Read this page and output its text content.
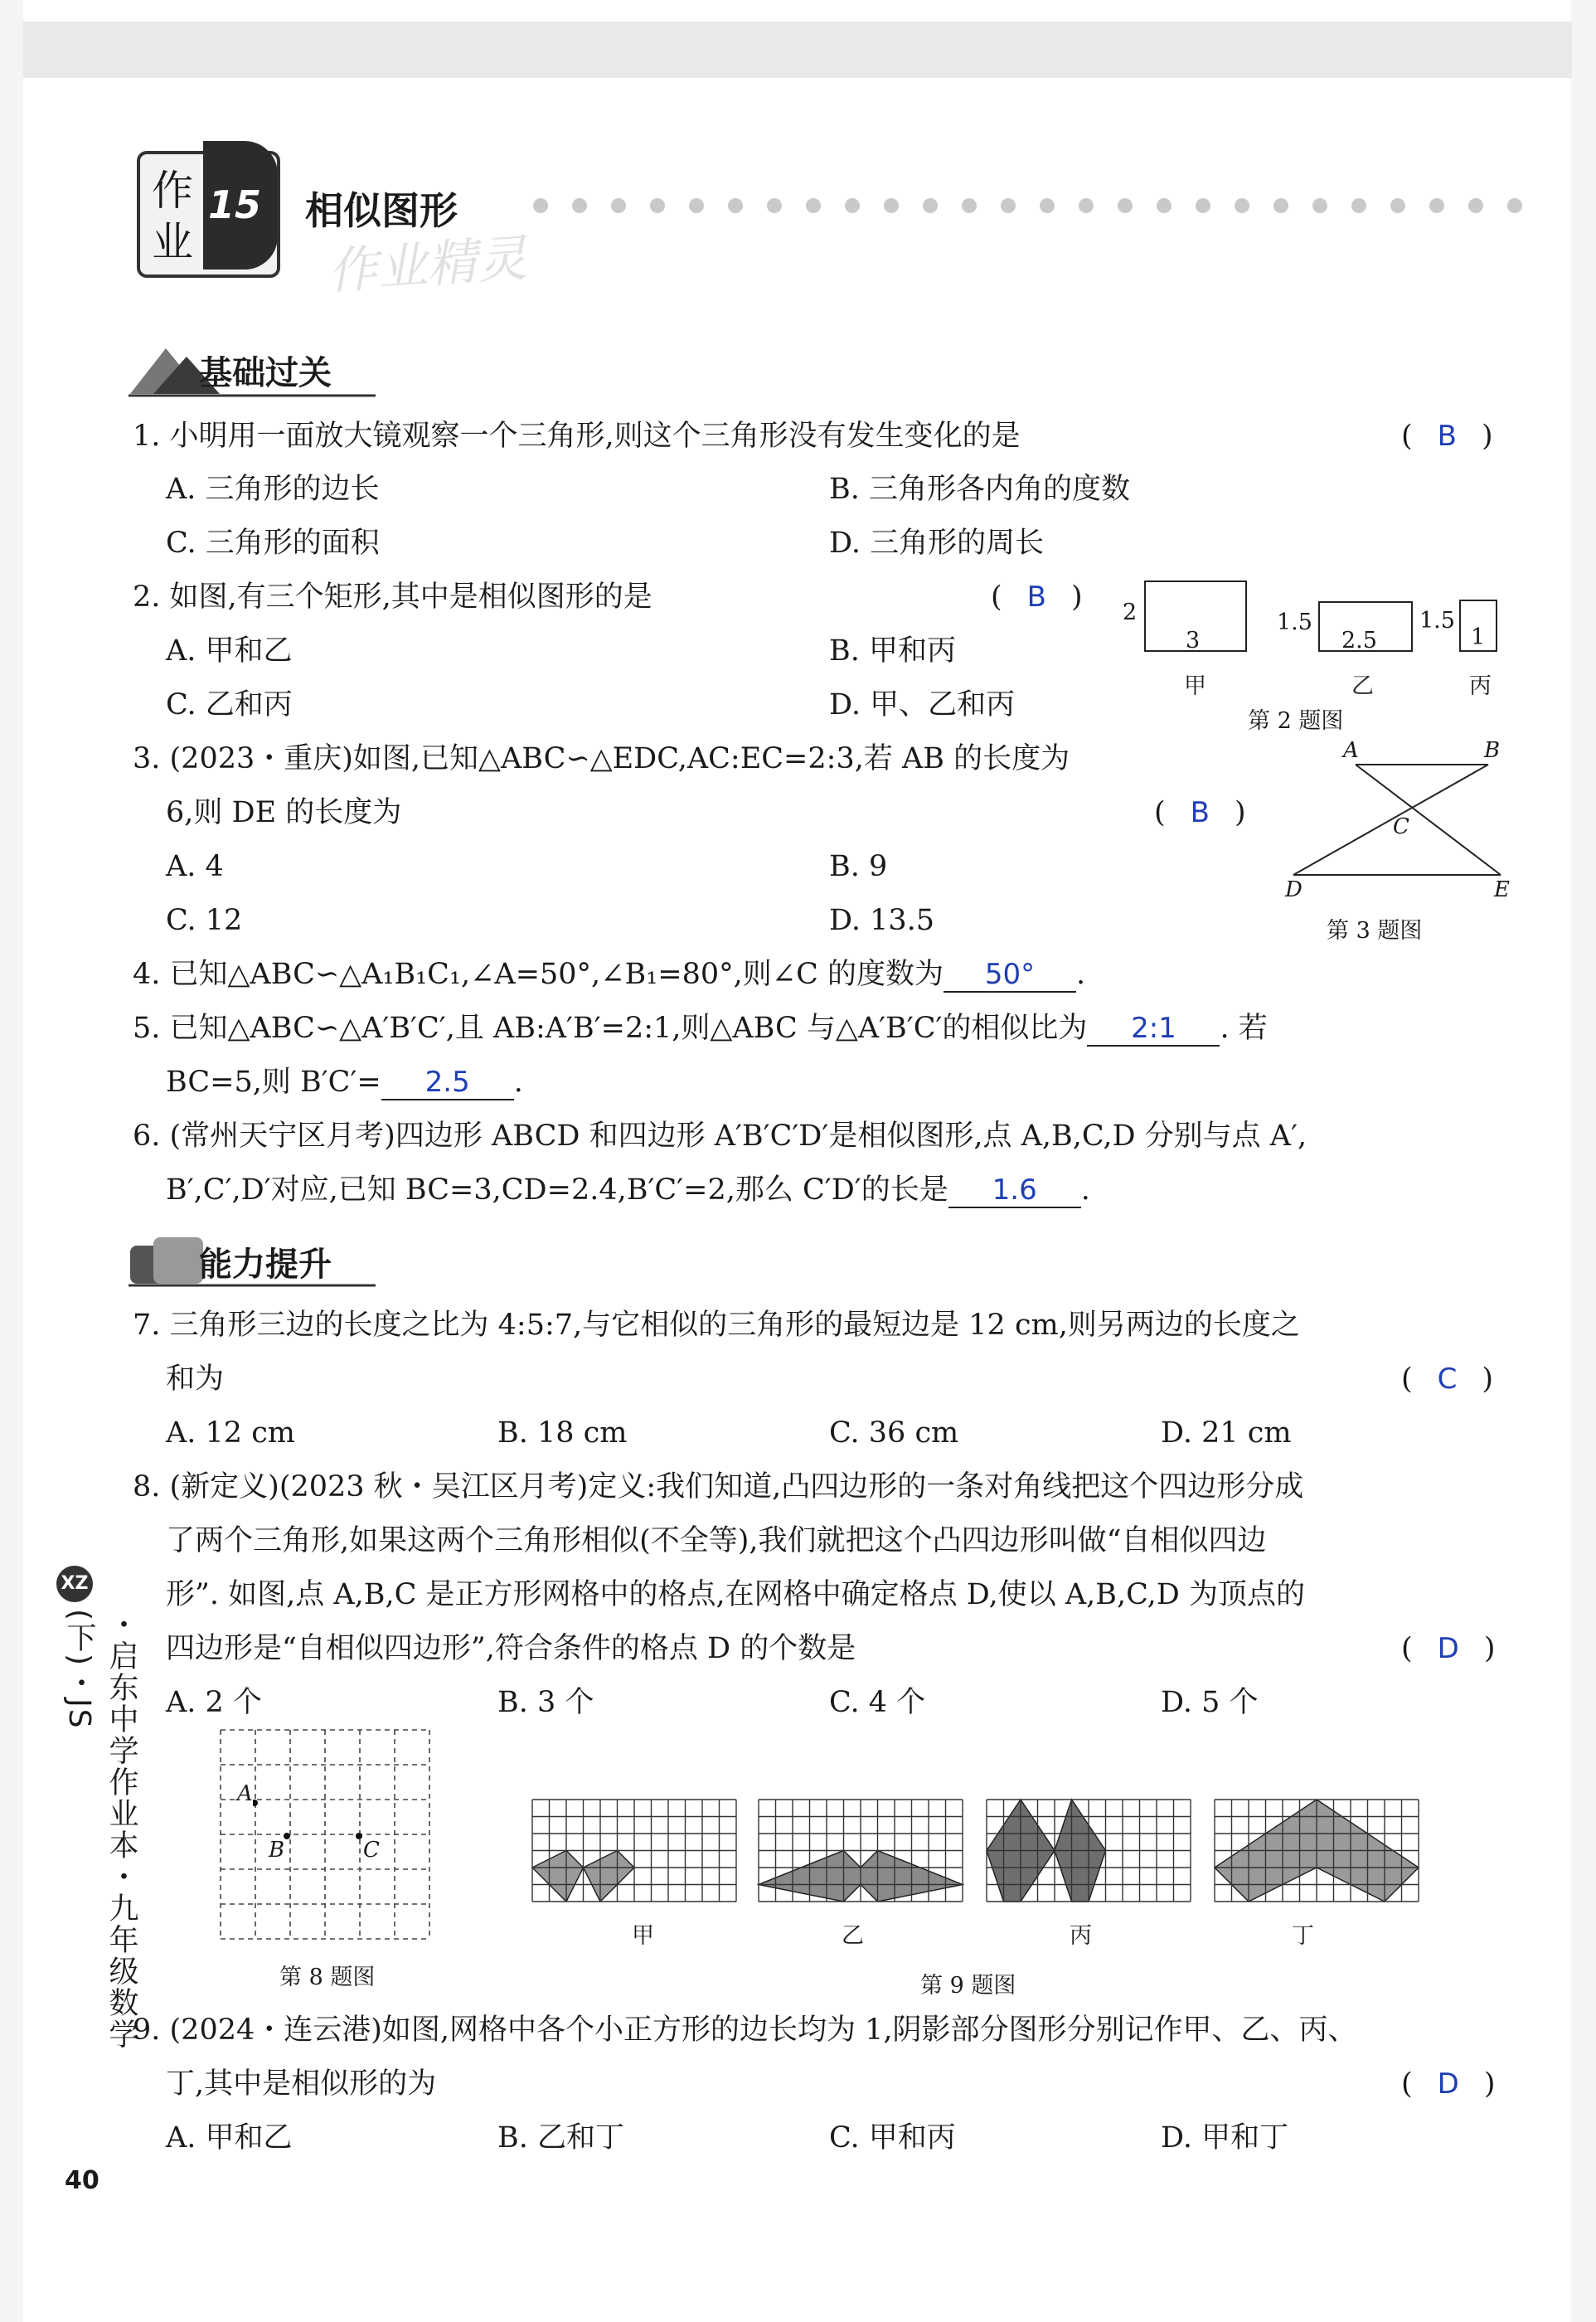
作
业
15 相似图形
作业精灵
基础过关
1. 小明用一面放大镜观察一个三角形,则这个三角形没有发生变化的是	( B )
A. 三角形的边长	B. 三角形各内角的度数
C. 三角形的面积	D. 三角形的周长
2. 如图,有三个矩形,其中是相似图形的是	( B )
A. 甲和乙	B. 甲和丙
C. 乙和丙	D. 甲、乙和丙
2
3
1.5
2.5
1.5
1
甲	乙	丙
第 2 题图
3. (2023・重庆)如图,已知△ABC∽△EDC,AC:EC=2:3,若 AB 的长度为
6,则 DE 的长度为	( B )
A. 4	B. 9
C. 12	D. 13.5
A	B
C
D	E
第 3 题图
4. 已知△ABC∽△A₁B₁C₁,∠A=50°,∠B₁=80°,则∠C 的度数为 50° .
5. 已知△ABC∽△A′B′C′,且 AB:A′B′=2:1,则△ABC 与△A′B′C′的相似比为 2:1 . 若
BC=5,则 B′C′= 2.5 .
6. (常州天宁区月考)四边形 ABCD 和四边形 A′B′C′D′是相似图形,点 A,B,C,D 分别与点 A′,
B′,C′,D′对应,已知 BC=3,CD=2.4,B′C′=2,那么 C′D′的长是 1.6 .
能力提升
7. 三角形三边的长度之比为 4:5:7,与它相似的三角形的最短边是 12 cm,则另两边的长度之
和为	( C )
A. 12 cm	B. 18 cm	C. 36 cm	D. 21 cm
8. (新定义)(2023 秋・吴江区月考)定义:我们知道,凸四边形的一条对角线把这个四边形分成
了两个三角形,如果这两个三角形相似(不全等),我们就把这个凸四边形叫做“自相似四边
形”. 如图,点 A,B,C 是正方形网格中的格点,在网格中确定格点 D,使以 A,B,C,D 为顶点的
四边形是“自相似四边形”,符合条件的格点 D 的个数是	( D )
A. 2 个	B. 3 个	C. 4 个	D. 5 个
A
B	C
第 8 题图
甲	乙	丙	丁
第 9 题图
9. (2024・连云港)如图,网格中各个小正方形的边长均为 1,阴影部分图形分别记作甲、乙、丙、
丁,其中是相似形的为	( D )
A. 甲和乙	B. 乙和丁	C. 甲和丙	D. 甲和丁
XZ
・启东中学作业本・九年级数学(下)・JS
40
